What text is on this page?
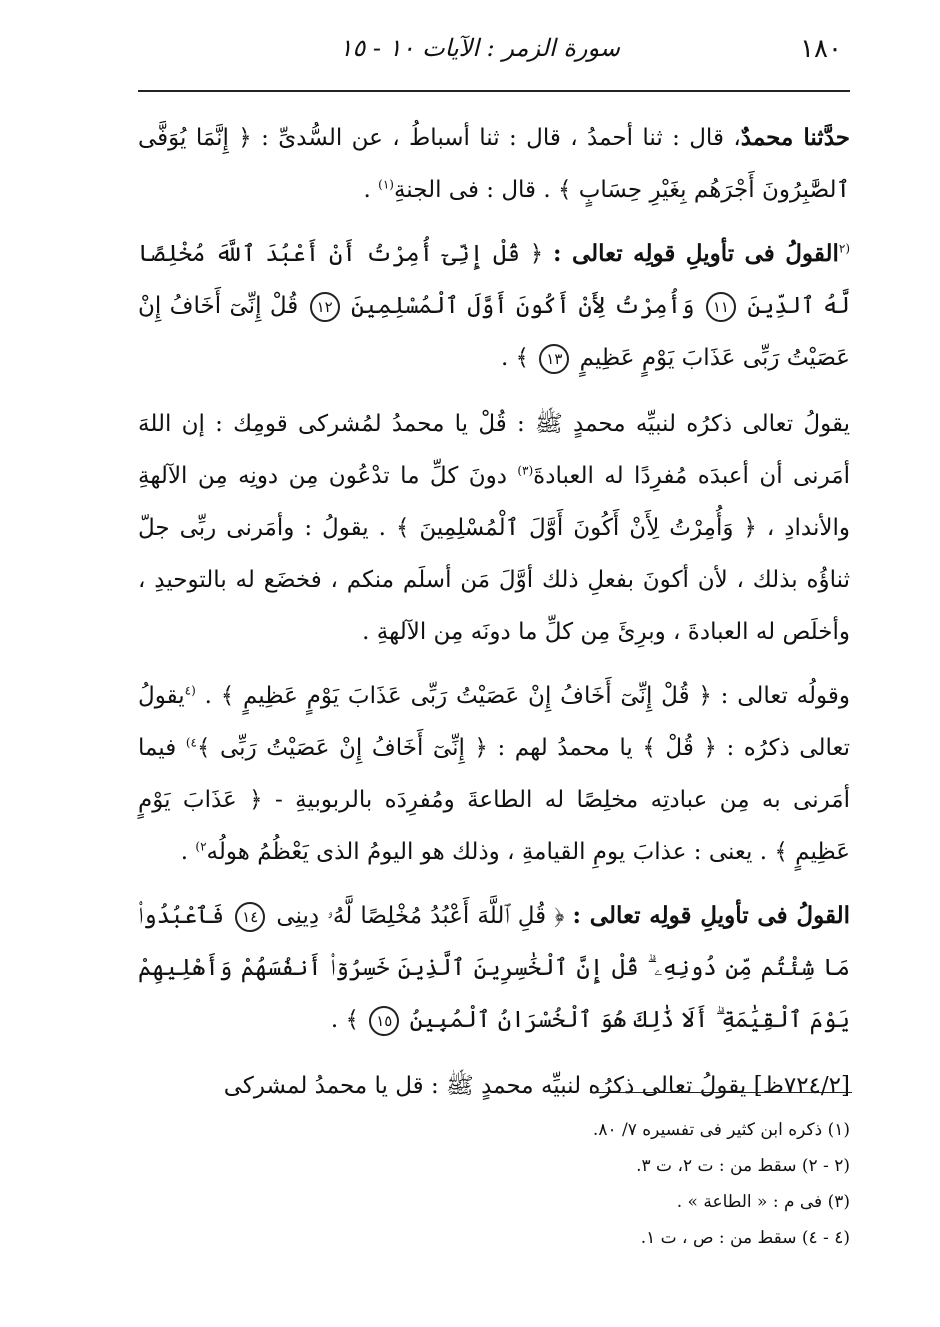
١٨٠
سورة الزمر : الآيات ١٠ - ١٥

حدَّثنا محمدٌ، قال : ثنا أحمدُ ، قال : ثنا أسباطُ ، عن السُّدىِّ : ﴿ إِنَّمَا يُوَفَّى ٱلصَّٰبِرُونَ أَجْرَهُم بِغَيْرِ حِسَابٍ ﴾ . قال : فى الجنةِ$^{(١)}$ .

$^{(٢}$القولُ فى تأويلِ قولِه تعالى : ﴿ قُلْ إِنِّىٓ أُمِرْتُ أَنْ أَعْبُدَ ٱللَّهَ مُخْلِصًا لَّهُ ٱلدِّينَ ١١ وَأُمِرْتُ لِأَنْ أَكُونَ أَوَّلَ ٱلْمُسْلِمِينَ ١٢ قُلْ إِنِّىٓ أَخَافُ إِنْ عَصَيْتُ رَبِّى عَذَابَ يَوْمٍ عَظِيمٍ ١٣ ﴾ .

يقولُ تعالى ذكرُه لنبيِّه محمدٍ ﷺ : قُلْ يا محمدُ لمُشركى قومِك : إن اللهَ أمَرنى أن أعبدَه مُفرِدًا له العبادةَ$^{(٣)}$ دونَ كلِّ ما تدْعُون مِن دونِه مِن الآلهةِ والأندادِ ، ﴿ وَأُمِرْتُ لِأَنْ أَكُونَ أَوَّلَ ٱلْمُسْلِمِينَ ﴾ . يقولُ : وأمَرنى ربِّى جلّ ثناؤُه بذلك ، لأن أكونَ بفعلِ ذلك أوَّلَ مَن أسلَم منكم ، فخضَع له بالتوحيدِ ، وأخلَص له العبادةَ ، وبرِئَ مِن كلِّ ما دونَه مِن الآلهةِ .

وقولُه تعالى : ﴿ قُلْ إِنِّىٓ أَخَافُ إِنْ عَصَيْتُ رَبِّى عَذَابَ يَوْمٍ عَظِيمٍ ﴾ . $^{(٤}$يقولُ تعالى ذكرُه : ﴿ قُلْ ﴾ يا محمدُ لهم : ﴿ إِنِّىٓ أَخَافُ إِنْ عَصَيْتُ رَبِّى ﴾$^{٤)}$ فيما أمَرنى به مِن عبادتِه مخلِصًا له الطاعةَ ومُفرِدَه بالربوبيةِ - ﴿ عَذَابَ يَوْمٍ عَظِيمٍ ﴾ . يعنى : عذابَ يومِ القيامةِ ، وذلك هو اليومُ الذى يَعْظُمُ هولُه$^{٢)}$ .

القولُ فى تأويلِ قولِه تعالى : ﴿ قُلِ ٱللَّهَ أَعْبُدُ مُخْلِصًا لَّهُۥ دِينِى ١٤ فَٱعْبُدُوا۟ مَا شِئْتُم مِّن دُونِهِۦ ۗ قُلْ إِنَّ ٱلْخَٰسِرِينَ ٱلَّذِينَ خَسِرُوٓا۟ أَنفُسَهُمْ وَأَهْلِيهِمْ يَوْمَ ٱلْقِيَٰمَةِ ۗ أَلَا ذَٰلِكَ هُوَ ٱلْخُسْرَانُ ٱلْمُبِينُ ١٥ ﴾ .

[٧٢٤/٢ظ] يقولُ تعالى ذكرُه لنبيِّه محمدٍ ﷺ : قل يا محمدُ لمشركى

(١) ذكره ابن كثير فى تفسيره ٧/ ٨٠.

(٢ - ٢) سقط من : ت ٢، ت ٣.

(٣) فى م : « الطاعة » .

(٤ - ٤) سقط من : ص ، ت ١.
